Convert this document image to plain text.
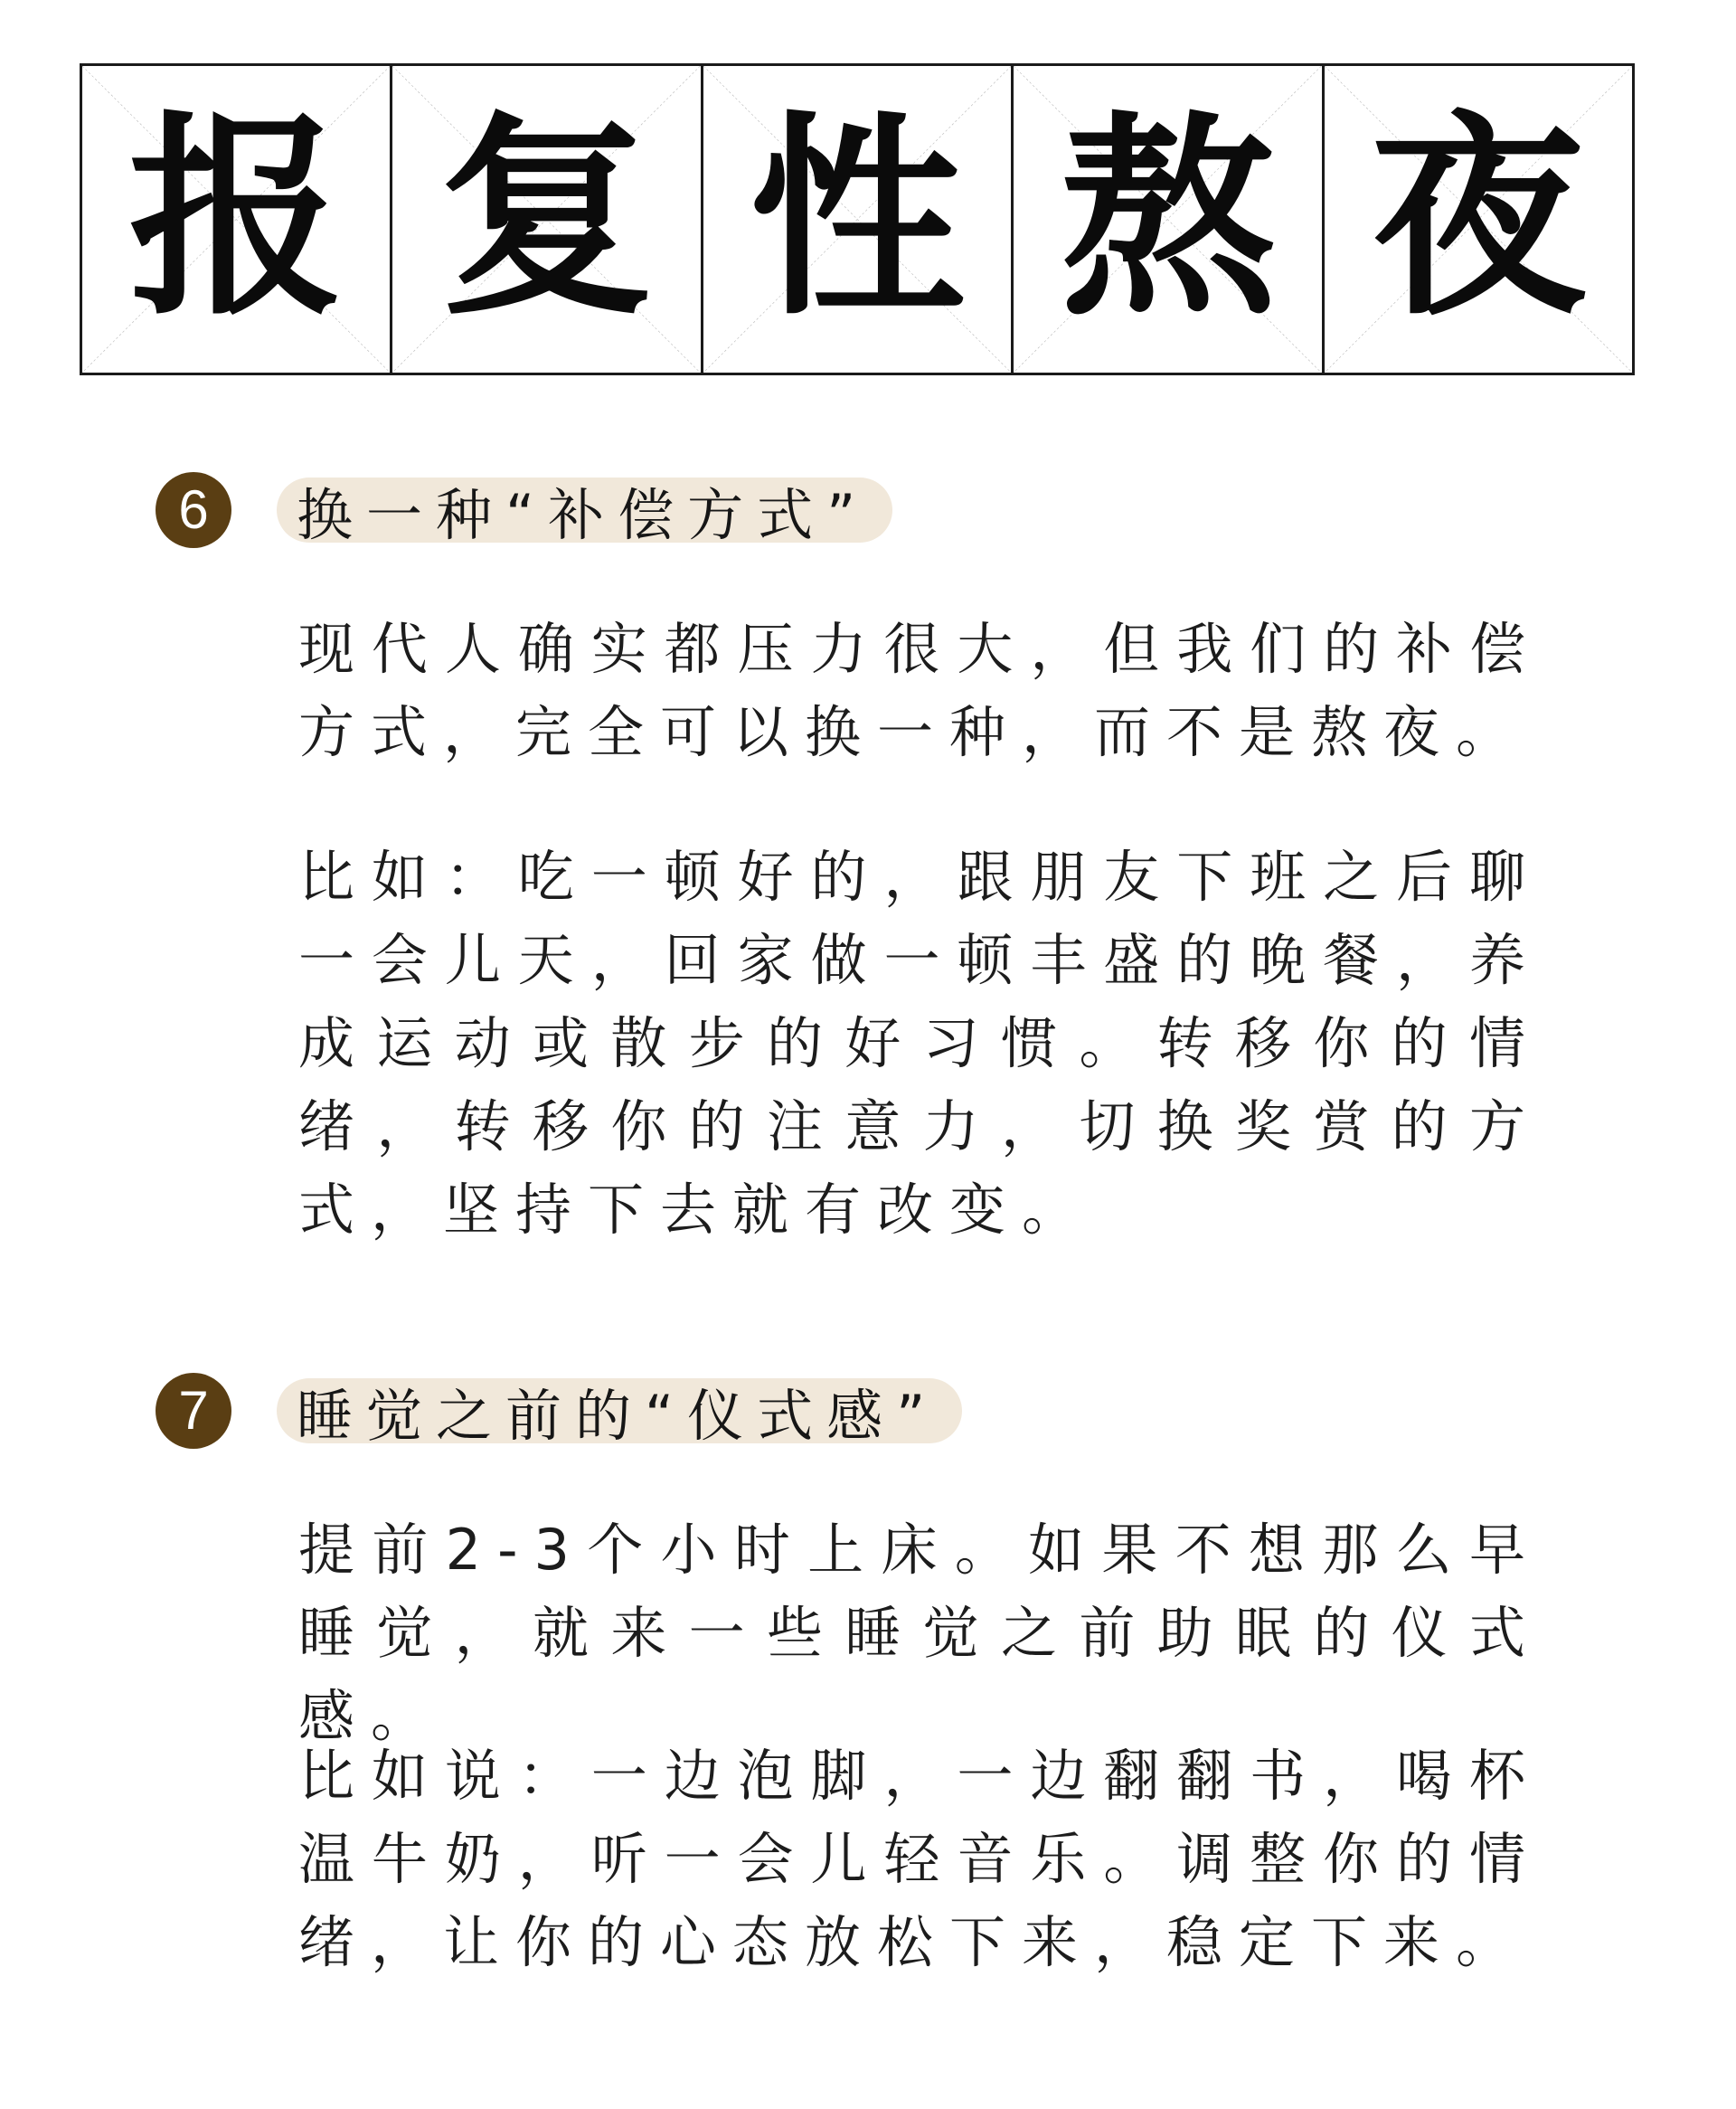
报 复 性 熬 夜
6	换一种“补偿方式”

现代人确实都压力很大，但我们的补偿方式，完全可以换一种，而不是熬夜。

比如：吃一顿好的，跟朋友下班之后聊一会儿天，回家做一顿丰盛的晚餐，养成运动或散步的好习惯。转移你的情绪，转移你的注意力，切换奖赏的方式，坚持下去就有改变。

7	睡觉之前的“仪式感”

提前2-3个小时上床。如果不想那么早睡觉，就来一些睡觉之前助眠的仪式感。

比如说：一边泡脚，一边翻翻书，喝杯温牛奶，听一会儿轻音乐。调整你的情绪，让你的心态放松下来，稳定下来。
